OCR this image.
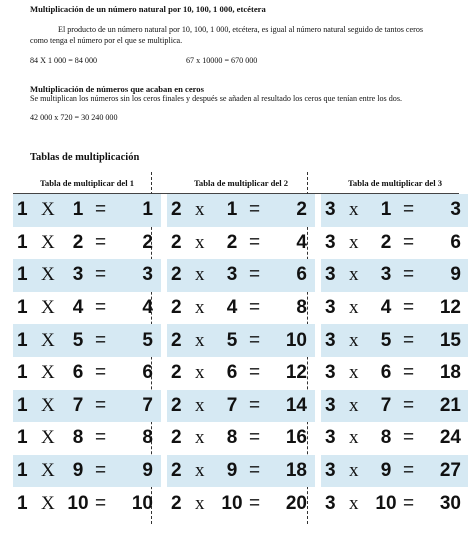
Multiplicación de un número natural por 10, 100, 1 000, etcétera
El producto de un número natural por 10, 100, 1 000, etcétera, es igual al número natural seguido de tantos ceros como tenga el número por el que se multiplica.
84 X 1 000 = 84 000	67 x 10000 = 670 000
Multiplicación de números que acaban en ceros
Se multiplican los números sin los ceros finales y después se añaden al resultado los ceros que tenían entre los dos.
42 000 x 720 = 30 240 000
Tablas de multiplicación
Tabla de multiplicar del 1
1 X 1 = 1
1 X 2 = 2
1 X 3 = 3
1 X 4 = 4
1 X 5 = 5
1 X 6 = 6
1 X 7 = 7
1 X 8 = 8
1 X 9 = 9
1 X 10 = 10
Tabla de multiplicar del 2
2 x	1 = 2
2 x	2 = 4
2 x	3 = 6
2 x	4 = 8
2 x	5 = 10
2 x	6 = 12
2 x	7 = 14
2 x	8 = 16
2 x	9 = 18
2 x 10 = 20
Tabla de multiplicar del 3
3 x	1 = 3
3 x	2 = 6
3 x	3 = 9
3 x	4 = 12
3 x	5 = 15
3 x	6 = 18
3 x	7 = 21
3 x	8 = 24
3 x	9 = 27
3 x 10 = 30
